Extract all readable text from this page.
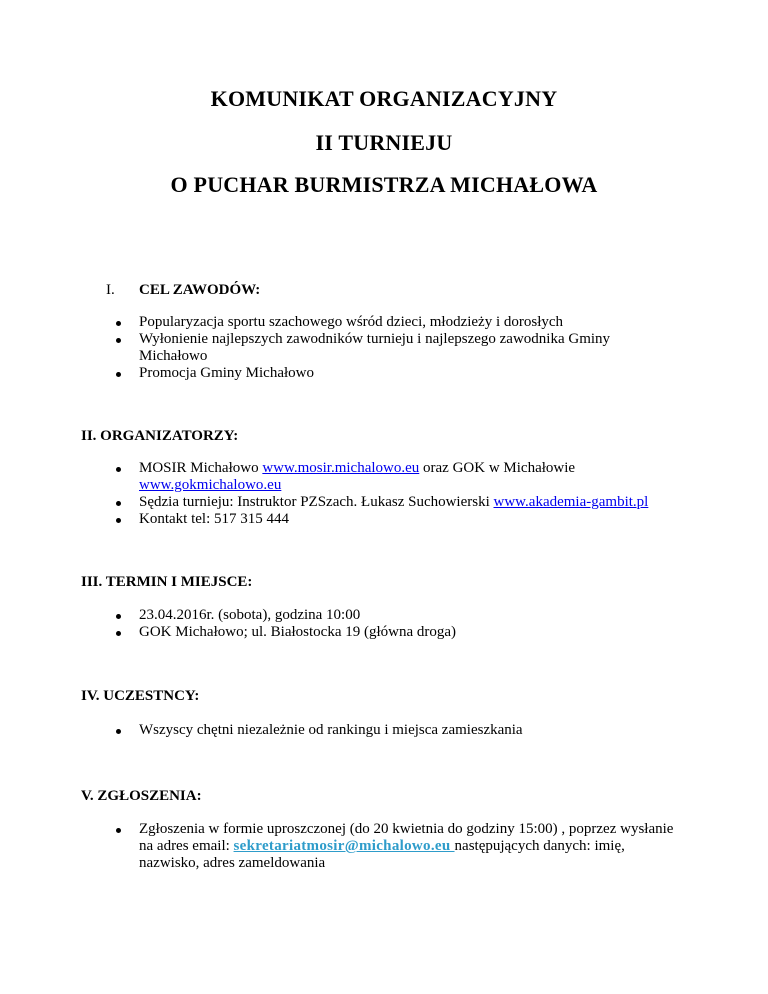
KOMUNIKAT ORGANIZACYJNY
II TURNIEJU
O PUCHAR BURMISTRZA MICHAŁOWA
I. CEL ZAWODÓW:
Popularyzacja sportu szachowego wśród dzieci, młodzieży i dorosłych
Wyłonienie najlepszych zawodników turnieju i najlepszego zawodnika Gminy Michałowo
Promocja Gminy Michałowo
II. ORGANIZATORZY:
MOSIR Michałowo www.mosir.michalowo.eu oraz GOK w Michałowie www.gokmichalowo.eu
Sędzia turnieju: Instruktor PZSzach. Łukasz Suchowierski www.akademia-gambit.pl
Kontakt tel: 517 315 444
III. TERMIN I MIEJSCE:
23.04.2016r. (sobota), godzina 10:00
GOK Michałowo; ul. Białostocka 19 (główna droga)
IV. UCZESTNCY:
Wszyscy chętni niezależnie od rankingu i miejsca zamieszkania
V. ZGŁOSZENIA:
Zgłoszenia w formie uproszczonej (do 20 kwietnia do godziny 15:00) , poprzez wysłanie na adres email: sekretariatmosir@michalowo.eu następujących danych: imię, nazwisko, adres zameldowania
